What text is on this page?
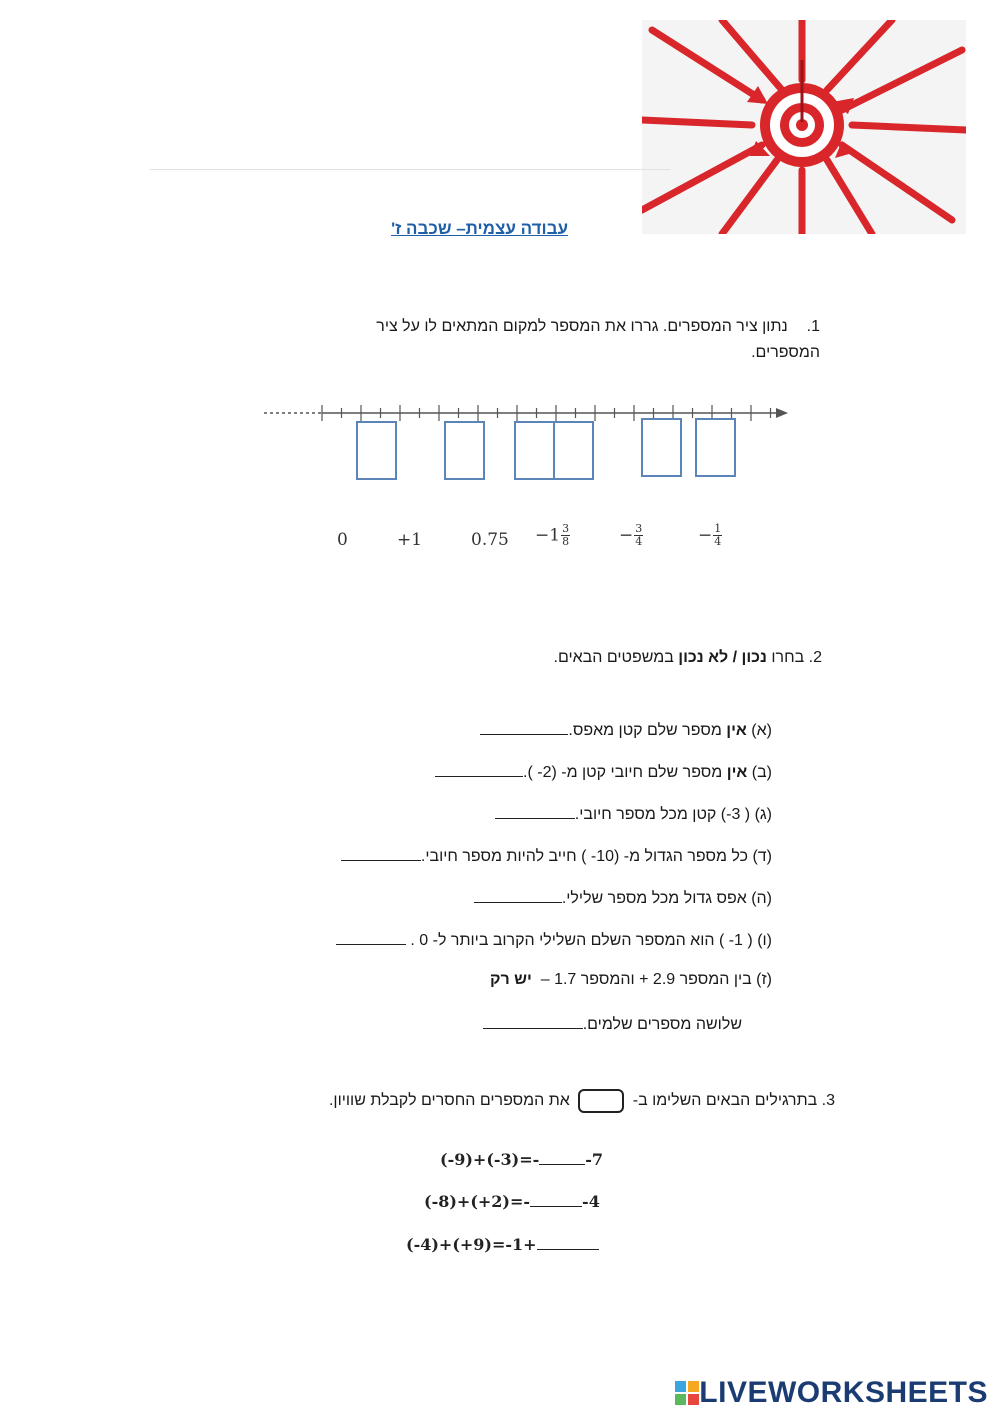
עבודה עצמית– שכבה ז'
1.  נתון ציר המספרים. גררו את המספר למקום המתאים לו על ציר המספרים.
0	+1	$0.75 -1 \frac{3}{8}$	− $\frac{3}{4}$	− $\frac{1}{4}$
2. בחרו נכון / לא נכון במשפטים הבאים.
(א) אין מספר שלם קטן מאפס.
(ב) אין מספר שלם חיובי קטן מ- (2- ).
(ג) ( 3-) קטן מכל מספר חיובי.
(ד) כל מספר הגדול מ- (10- ) חייב להיות מספר חיובי.
(ה) אפס גדול מכל מספר שלילי.
(ו) ( 1- ) הוא המספר השלם השלילי הקרוב ביותר ל- 0 .
(ז) בין המספר 2.9 + והמספר 1.7 –  יש רק
שלושה מספרים שלמים.
3. בתרגילים הבאים השלימו ב-  את המספרים החסרים לקבלת שוויון.
(-9)+(-3)=-	-7
(-8)+(+2)=-	-4
(-4)+(+9)=-1+
LIVEWORKSHEETS
